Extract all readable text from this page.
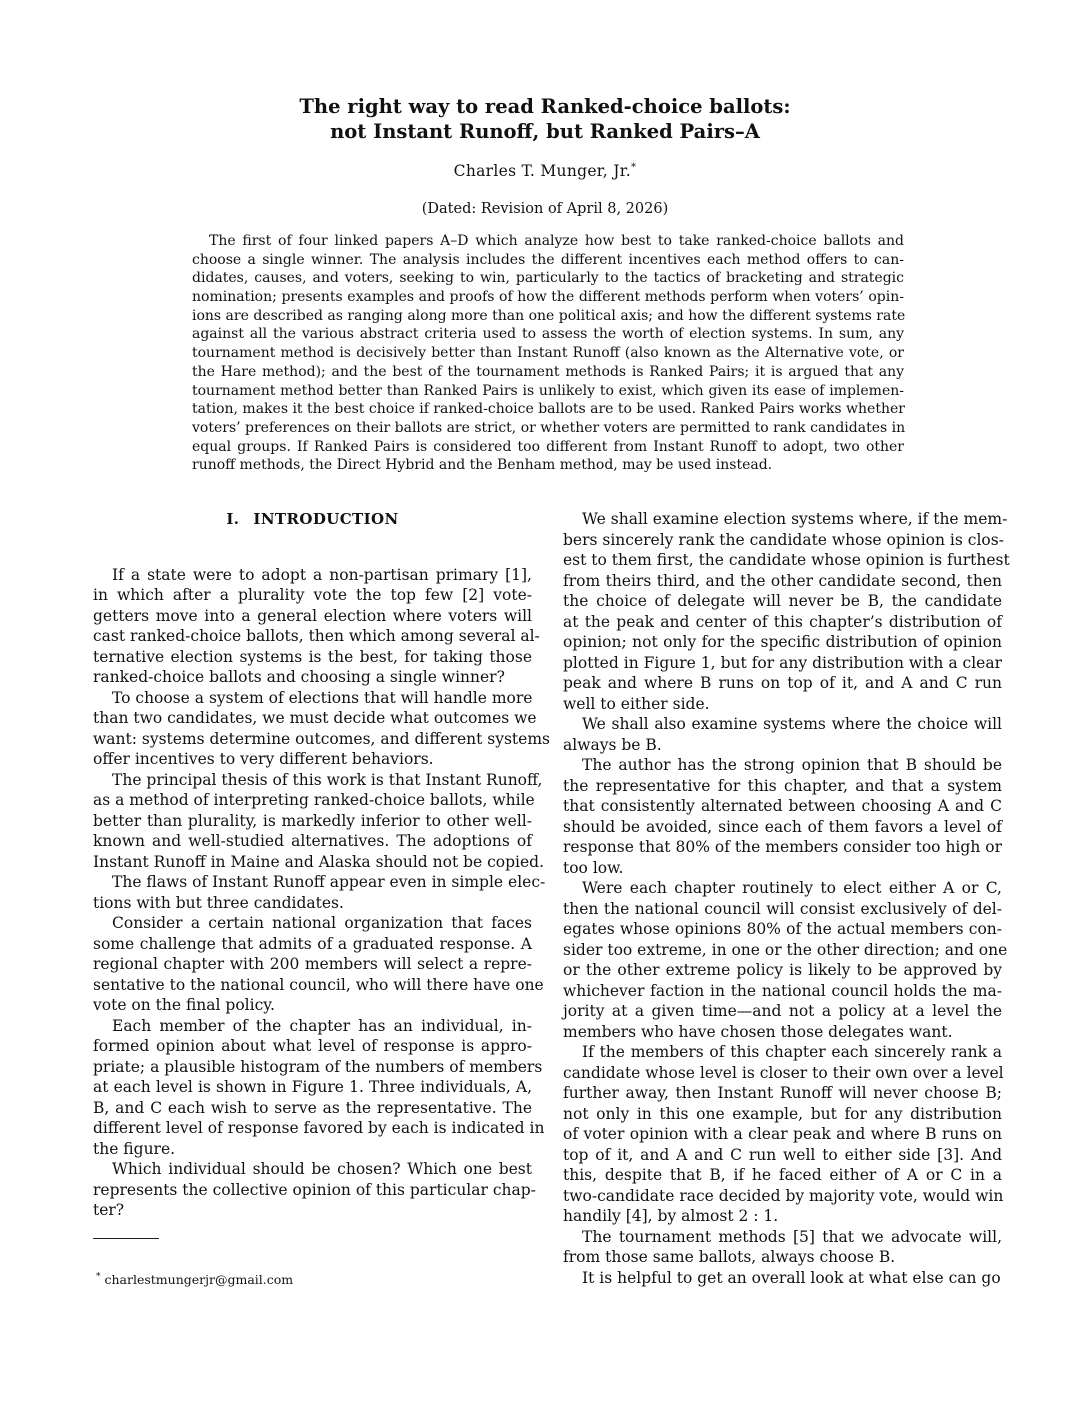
The right way to read Ranked-choice ballots:
not Instant Runoff, but Ranked Pairs–A
Charles T. Munger, Jr.*
(Dated: Revision of April 8, 2026)
The first of four linked papers A–D which analyze how best to take ranked-choice ballots and
choose a single winner. The analysis includes the different incentives each method offers to can-
didates, causes, and voters, seeking to win, particularly to the tactics of bracketing and strategic
nomination; presents examples and proofs of how the different methods perform when voters’ opin-
ions are described as ranging along more than one political axis; and how the different systems rate
against all the various abstract criteria used to assess the worth of election systems. In sum, any
tournament method is decisively better than Instant Runoff (also known as the Alternative vote, or
the Hare method); and the best of the tournament methods is Ranked Pairs; it is argued that any
tournament method better than Ranked Pairs is unlikely to exist, which given its ease of implemen-
tation, makes it the best choice if ranked-choice ballots are to be used. Ranked Pairs works whether
voters’ preferences on their ballots are strict, or whether voters are permitted to rank candidates in
equal groups. If Ranked Pairs is considered too different from Instant Runoff to adopt, two other
runoff methods, the Direct Hybrid and the Benham method, may be used instead.
I. INTRODUCTION
If a state were to adopt a non-partisan primary [1],
in which after a plurality vote the top few [2] vote-
getters move into a general election where voters will
cast ranked-choice ballots, then which among several al-
ternative election systems is the best, for taking those
ranked-choice ballots and choosing a single winner?
To choose a system of elections that will handle more
than two candidates, we must decide what outcomes we
want: systems determine outcomes, and different systems
offer incentives to very different behaviors.
The principal thesis of this work is that Instant Runoff,
as a method of interpreting ranked-choice ballots, while
better than plurality, is markedly inferior to other well-
known and well-studied alternatives. The adoptions of
Instant Runoff in Maine and Alaska should not be copied.
The flaws of Instant Runoff appear even in simple elec-
tions with but three candidates.
Consider a certain national organization that faces
some challenge that admits of a graduated response. A
regional chapter with 200 members will select a repre-
sentative to the national council, who will there have one
vote on the final policy.
Each member of the chapter has an individual, in-
formed opinion about what level of response is appro-
priate; a plausible histogram of the numbers of members
at each level is shown in Figure 1. Three individuals, A,
B, and C each wish to serve as the representative. The
different level of response favored by each is indicated in
the figure.
Which individual should be chosen? Which one best
represents the collective opinion of this particular chap-
ter?
We shall examine election systems where, if the mem-
bers sincerely rank the candidate whose opinion is clos-
est to them first, the candidate whose opinion is furthest
from theirs third, and the other candidate second, then
the choice of delegate will never be B, the candidate
at the peak and center of this chapter’s distribution of
opinion; not only for the specific distribution of opinion
plotted in Figure 1, but for any distribution with a clear
peak and where B runs on top of it, and A and C run
well to either side.
We shall also examine systems where the choice will
always be B.
The author has the strong opinion that B should be
the representative for this chapter, and that a system
that consistently alternated between choosing A and C
should be avoided, since each of them favors a level of
response that 80% of the members consider too high or
too low.
Were each chapter routinely to elect either A or C,
then the national council will consist exclusively of del-
egates whose opinions 80% of the actual members con-
sider too extreme, in one or the other direction; and one
or the other extreme policy is likely to be approved by
whichever faction in the national council holds the ma-
jority at a given time—and not a policy at a level the
members who have chosen those delegates want.
If the members of this chapter each sincerely rank a
candidate whose level is closer to their own over a level
further away, then Instant Runoff will never choose B;
not only in this one example, but for any distribution
of voter opinion with a clear peak and where B runs on
top of it, and A and C run well to either side [3]. And
this, despite that B, if he faced either of A or C in a
two-candidate race decided by majority vote, would win
handily [4], by almost 2 : 1.
The tournament methods [5] that we advocate will,
from those same ballots, always choose B.
It is helpful to get an overall look at what else can go
* charlestmungerjr@gmail.com
